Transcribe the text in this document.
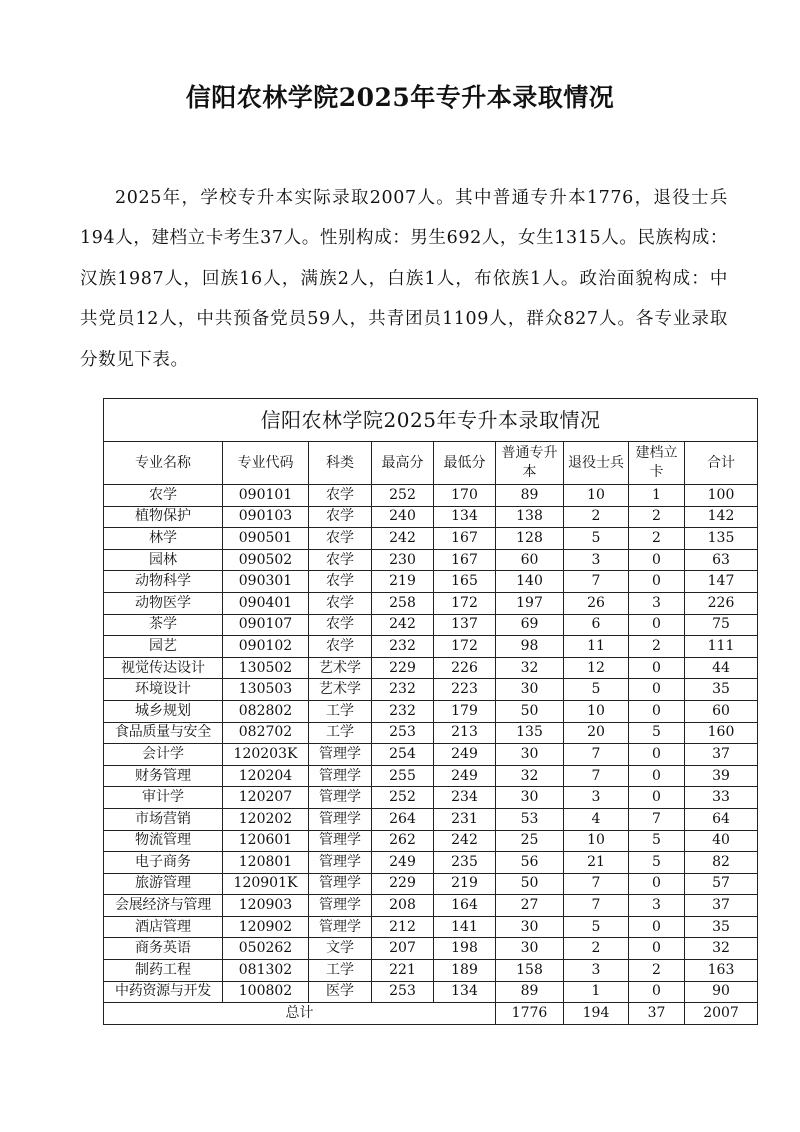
信阳农林学院2025年专升本录取情况

2025年，学校专升本实际录取2007人。其中普通专升本1776，退役士兵194人，建档立卡考生37人。性别构成：男生692人，女生1315人。民族构成：汉族1987人，回族16人，满族2人，白族1人，布依族1人。政治面貌构成：中共党员12人，中共预备党员59人，共青团员1109人，群众827人。各专业录取分数见下表。

信阳农林学院2025年专升本录取情况								
专业名称	专业代码	科类	最高分	最低分	普通专升本	退役士兵	建档立卡	合计
农学	090101	农学	252	170	89	10	1	100
植物保护	090103	农学	240	134	138	2	2	142
林学	090501	农学	242	167	128	5	2	135
园林	090502	农学	230	167	60	3	0	63
动物科学	090301	农学	219	165	140	7	0	147
动物医学	090401	农学	258	172	197	26	3	226
茶学	090107	农学	242	137	69	6	0	75
园艺	090102	农学	232	172	98	11	2	111
视觉传达设计	130502	艺术学	229	226	32	12	0	44
环境设计	130503	艺术学	232	223	30	5	0	35
城乡规划	082802	工学	232	179	50	10	0	60
食品质量与安全	082702	工学	253	213	135	20	5	160
会计学	120203K	管理学	254	249	30	7	0	37
财务管理	120204	管理学	255	249	32	7	0	39
审计学	120207	管理学	252	234	30	3	0	33
市场营销	120202	管理学	264	231	53	4	7	64
物流管理	120601	管理学	262	242	25	10	5	40
电子商务	120801	管理学	249	235	56	21	5	82
旅游管理	120901K	管理学	229	219	50	7	0	57
会展经济与管理	120903	管理学	208	164	27	7	3	37
酒店管理	120902	管理学	212	141	30	5	0	35
商务英语	050262	文学	207	198	30	2	0	32
制药工程	081302	工学	221	189	158	3	2	163
中药资源与开发	100802	医学	253	134	89	1	0	90
总计					1776	194	37	2007
